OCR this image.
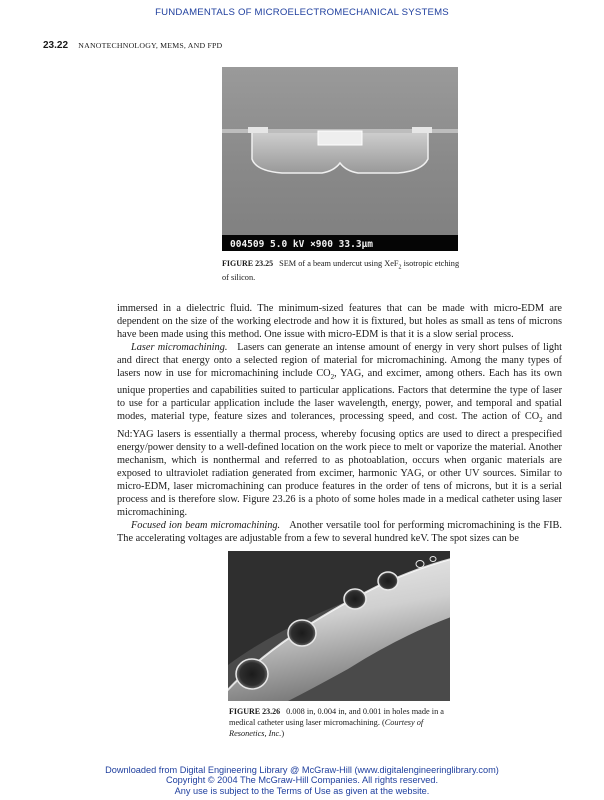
FUNDAMENTALS OF MICROELECTROMECHANICAL SYSTEMS
23.22 NANOTECHNOLOGY, MEMS, AND FPD
004509 5.0 kV ×900 33.3μm
FIGURE 23.25 SEM of a beam undercut using XeF$_2$ isotropic etching of silicon.

immersed in a dielectric fluid. The minimum-sized features that can be made with micro-EDM are dependent on the size of the working electrode and how it is fixtured, but holes as small as tens of microns have been made using this method. One issue with micro-EDM is that it is a slow serial process.

Laser micromachining. Lasers can generate an intense amount of energy in very short pulses of light and direct that energy onto a selected region of material for micromachining. Among the many types of lasers now in use for micromachining include $CO_2$, YAG, and excimer, among others. Each has its own unique properties and capabilities suited to particular applications. Factors that determine the type of laser to use for a particular application include the laser wavelength, energy, power, and temporal and spatial modes, material type, feature sizes and tolerances, processing speed, and cost. The action of $CO_2$ and Nd:YAG lasers is essentially a thermal process, whereby focusing optics are used to direct a prespecified energy/power density to a well-defined location on the work piece to melt or vaporize the material. Another mechanism, which is nonthermal and referred to as photoablation, occurs when organic materials are exposed to ultraviolet radiation generated from excimer, harmonic YAG, or other UV sources. Similar to micro-EDM, laser micromachining can produce features in the order of tens of microns, but it is a serial process and is therefore slow. Figure 23.26 is a photo of some holes made in a medical catheter using laser micromachining.

Focused ion beam micromachining. Another versatile tool for performing micromachining is the FIB. The accelerating voltages are adjustable from a few to several hundred keV. The spot sizes can be

FIGURE 23.26 0.008 in, 0.004 in, and 0.001 in holes made in a medical catheter using laser micromachining. (Courtesy of Resonetics, Inc.)
Downloaded from Digital Engineering Library @ McGraw-Hill (www.digitalengineeringlibrary.com)
Copyright © 2004 The McGraw-Hill Companies. All rights reserved.
Any use is subject to the Terms of Use as given at the website.
